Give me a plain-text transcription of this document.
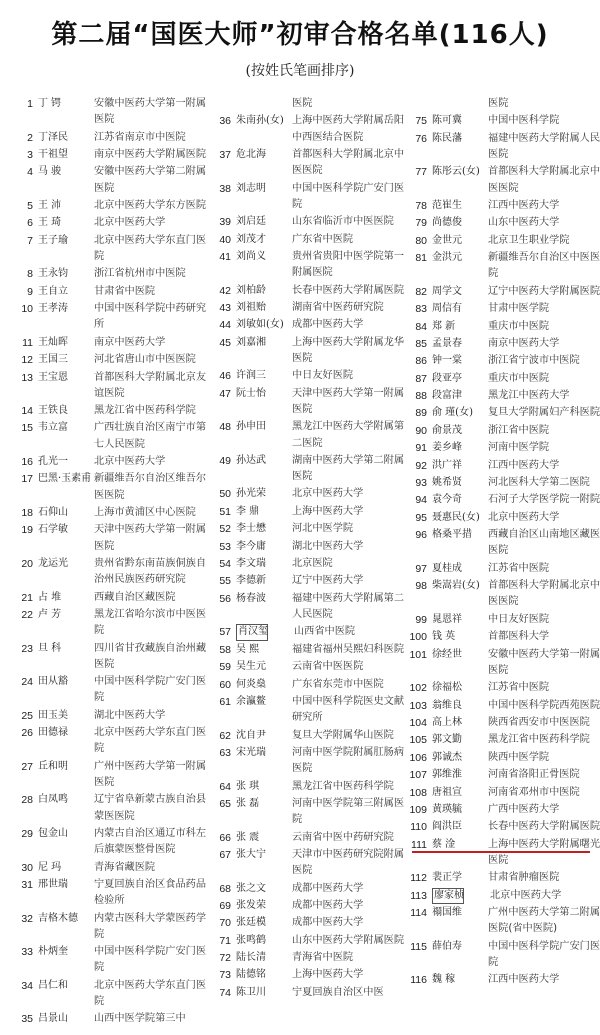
第二届“国医大师”初审合格名单(116人)
(按姓氏笔画排序)
1 丁 锷	安徽中医药大学第一附属医院
2 丁泽民	江苏省南京市中医院
3 干祖望	南京中医药大学附属医院
4 马 骏	安徽中医药大学第二附属医院
5 王 沛	北京中医药大学东方医院
6 王 琦	北京中医药大学
7 王子瑜	北京中医药大学东直门医院
8 王永钧	浙江省杭州市中医院
9 王自立	甘肃省中医院
10 王孝涛	中国中医科学院中药研究所
11 王灿晖	南京中医药大学
12 王国三	河北省唐山市中医医院
13 王宝恩	首都医科大学附属北京友谊医院
14 王铁良	黑龙江省中医药科学院
15 韦立富	广西壮族自治区南宁市第七人民医院
16 孔光一	北京中医药大学
17 巴黑·玉素甫 新疆维吾尔自治区维吾尔医医院
18 石仰山	上海市黄浦区中心医院
19 石学敏	天津中医药大学第一附属医院
20 龙运光	贵州省黔东南苗族侗族自治州民族医药研究院
21 占 堆	西藏自治区藏医院
22 卢 芳	黑龙江省哈尔滨市中医医院
23 旦 科	四川省甘孜藏族自治州藏医院
24 田从豁	中国中医科学院广安门医院
25 田玉美	湖北中医药大学
26 田德禄	北京中医药大学东直门医院
27 丘和明	广州中医药大学第一附属医院
28 白凤鸣	辽宁省阜新蒙古族自治县蒙医医院
29 包金山	内蒙古自治区通辽市科左后旗蒙医整骨医院
30 尼 玛	青海省藏医院
31 邢世瑞	宁夏回族自治区食品药品检验所
32 吉格木德	内蒙古医科大学蒙医药学院
33 朴炳奎	中国中医科学院广安门医院
34 吕仁和	北京中医药大学东直门医院
35 吕景山	山西中医学院第三中
医院
36 朱南孙(女) 上海中医药大学附属岳阳中西医结合医院
37 危北海	首都医科大学附属北京中医医院
38 刘志明	中国中医科学院广安门医院
39 刘启廷	山东省临沂市中医医院
40 刘茂才	广东省中医院
41 刘尚义	贵州省贵阳中医学院第一附属医院
42 刘柏龄	长春中医药大学附属医院
43 刘祖贻	湖南省中医药研究院
44 刘敏如(女) 成都中医药大学
45 刘嘉湘	上海中医药大学附属龙华医院
46 许润三	中日友好医院
47 阮士怡	天津中医药大学第一附属医院
48 孙申田	黑龙江中医药大学附属第二医院
49 孙达武	湖南中医药大学第二附属医院
50 孙光荣	北京中医药大学
51 李 鼎	上海中医药大学
52 李士懋	河北中医学院
53 李今庸	湖北中医药大学
54 李文瑞	北京医院
55 李德新	辽宁中医药大学
56 杨春波	福建中医药大学附属第二人民医院
57 肖汉玺	山西省中医院
58 吴 熙	福建省福州吴熙妇科医院
59 吴生元	云南省中医医院
60 何炎燊	广东省东莞市中医院
61 余瀛鳌	中国中医科学院医史文献研究所
62 沈自尹	复旦大学附属华山医院
63 宋光瑞	河南中医学院附属肛肠病医院
64 张 琪	黑龙江省中医药科学院
65 张 磊	河南中医学院第三附属医院
66 张 震	云南省中医中药研究院
67 张大宁	天津市中医药研究院附属医院
68 张之文	成都中医药大学
69 张发荣	成都中医药大学
70 张廷模	成都中医药大学
71 张鸣鹤	山东中医药大学附属医院
72 陆长清	青海省中医院
73 陆德铭	上海中医药大学
74 陈卫川	宁夏回族自治区中医
医院
75 陈可冀	中国中医科学院
76 陈民藩	福建中医药大学附属人民医院
77 陈彤云(女) 首都医科大学附属北京中医医院
78 范崔生	江西中医药大学
79 尚德俊	山东中医药大学
80 金世元	北京卫生职业学院
81 金洪元	新疆维吾尔自治区中医医院
82 周学文	辽宁中医药大学附属医院
83 周信有	甘肃中医学院
84 郑 新	重庆市中医院
85 孟景春	南京中医药大学
86 钟一棠	浙江省宁波市中医院
87 段亚亭	重庆市中医院
88 段富津	黑龙江中医药大学
89 俞 瑾(女)	复旦大学附属妇产科医院
90 俞景茂	浙江省中医院
91 姜乡峰	河南中医学院
92 洪广祥	江西中医药大学
93 姚希贤	河北医科大学第二医院
94 袁今奇	石河子大学医学院一附院
95 聂惠民(女) 北京中医药大学
96 格桑平措	西藏自治区山南地区藏医医院
97 夏桂成	江苏省中医院
98 柴嵩岩(女) 首都医科大学附属北京中医医院
99 晁恩祥	中日友好医院
100 钱 英	首都医科大学
101 徐经世	安徽中医药大学第一附属医院
102 徐福松	江苏省中医院
103 翁维良	中国中医科学院西苑医院
104 高上林	陕西省西安市中医医院
105 郭文勤	黑龙江省中医药科学院
106 郭诚杰	陕西中医学院
107 郭维淮	河南省洛阳正骨医院
108 唐祖宣	河南省邓州市中医院
109 黄瑛毓	广西中医药大学
110 阎洪臣	长春中医药大学附属医院
111 蔡 淦	上海中医药大学附属曙光医院
112 裴正学	甘肃省肿瘤医院
113 廖家桢	北京中医药大学
114 禤国维	广州中医药大学第二附属医院(省中医院)
115 薛伯寿	中国中医科学院广安门医院
116 魏 稼	江西中医药大学
